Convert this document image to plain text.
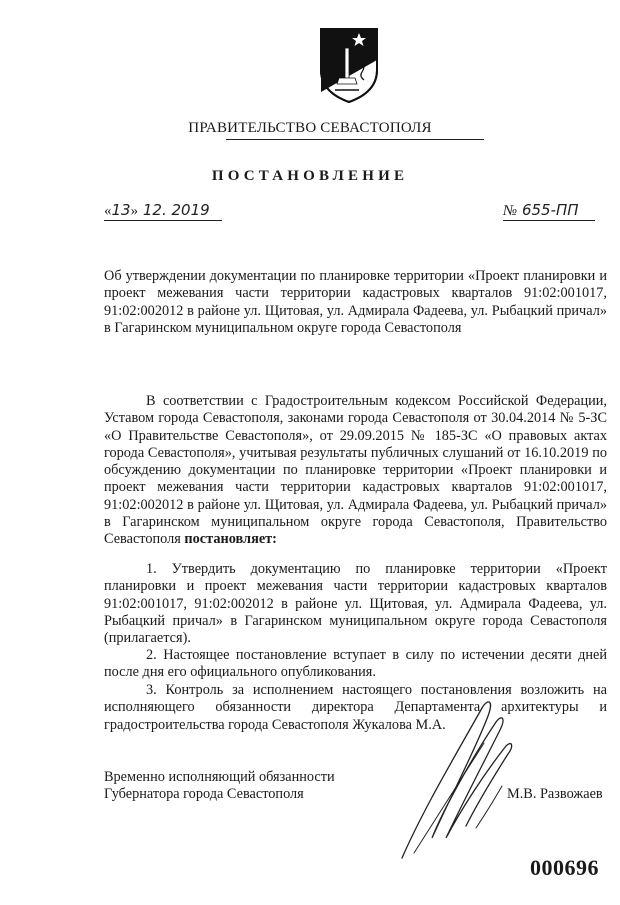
ПРАВИТЕЛЬСТВО СЕВАСТОПОЛЯ
ПОСТАНОВЛЕНИЕ
«13» 12. 2019	№ 655-ПП
Об утверждении документации по планировке территории «Проект планировки и проект межевания части территории кадастровых кварталов 91:02:001017, 91:02:002012 в районе ул. Щитовая, ул. Адмирала Фадеева, ул. Рыбацкий причал» в Гагаринском муниципальном округе города Севастополя
В соответствии с Градостроительным кодексом Российской Федерации, Уставом города Севастополя, законами города Севастополя от 30.04.2014 № 5-ЗС «О Правительстве Севастополя», от 29.09.2015 № 185-ЗС «О правовых актах города Севастополя», учитывая результаты публичных слушаний от 16.10.2019 по обсуждению документации по планировке территории «Проект планировки и проект межевания части территории кадастровых кварталов 91:02:001017, 91:02:002012 в районе ул. Щитовая, ул. Адмирала Фадеева, ул. Рыбацкий причал» в Гагаринском муниципальном округе города Севастополя, Правительство Севастополя постановляет:
1. Утвердить документацию по планировке территории «Проект планировки и проект межевания части территории кадастровых кварталов 91:02:001017, 91:02:002012 в районе ул. Щитовая, ул. Адмирала Фадеева, ул. Рыбацкий причал» в Гагаринском муниципальном округе города Севастополя (прилагается).
2. Настоящее постановление вступает в силу по истечении десяти дней после дня его официального опубликования.
3. Контроль за исполнением настоящего постановления возложить на исполняющего обязанности директора Департамента архитектуры и градостроительства города Севастополя Жукалова М.А.
Временно исполняющий обязанности
Губернатора города Севастополя	М.В. Развожаев
000696
